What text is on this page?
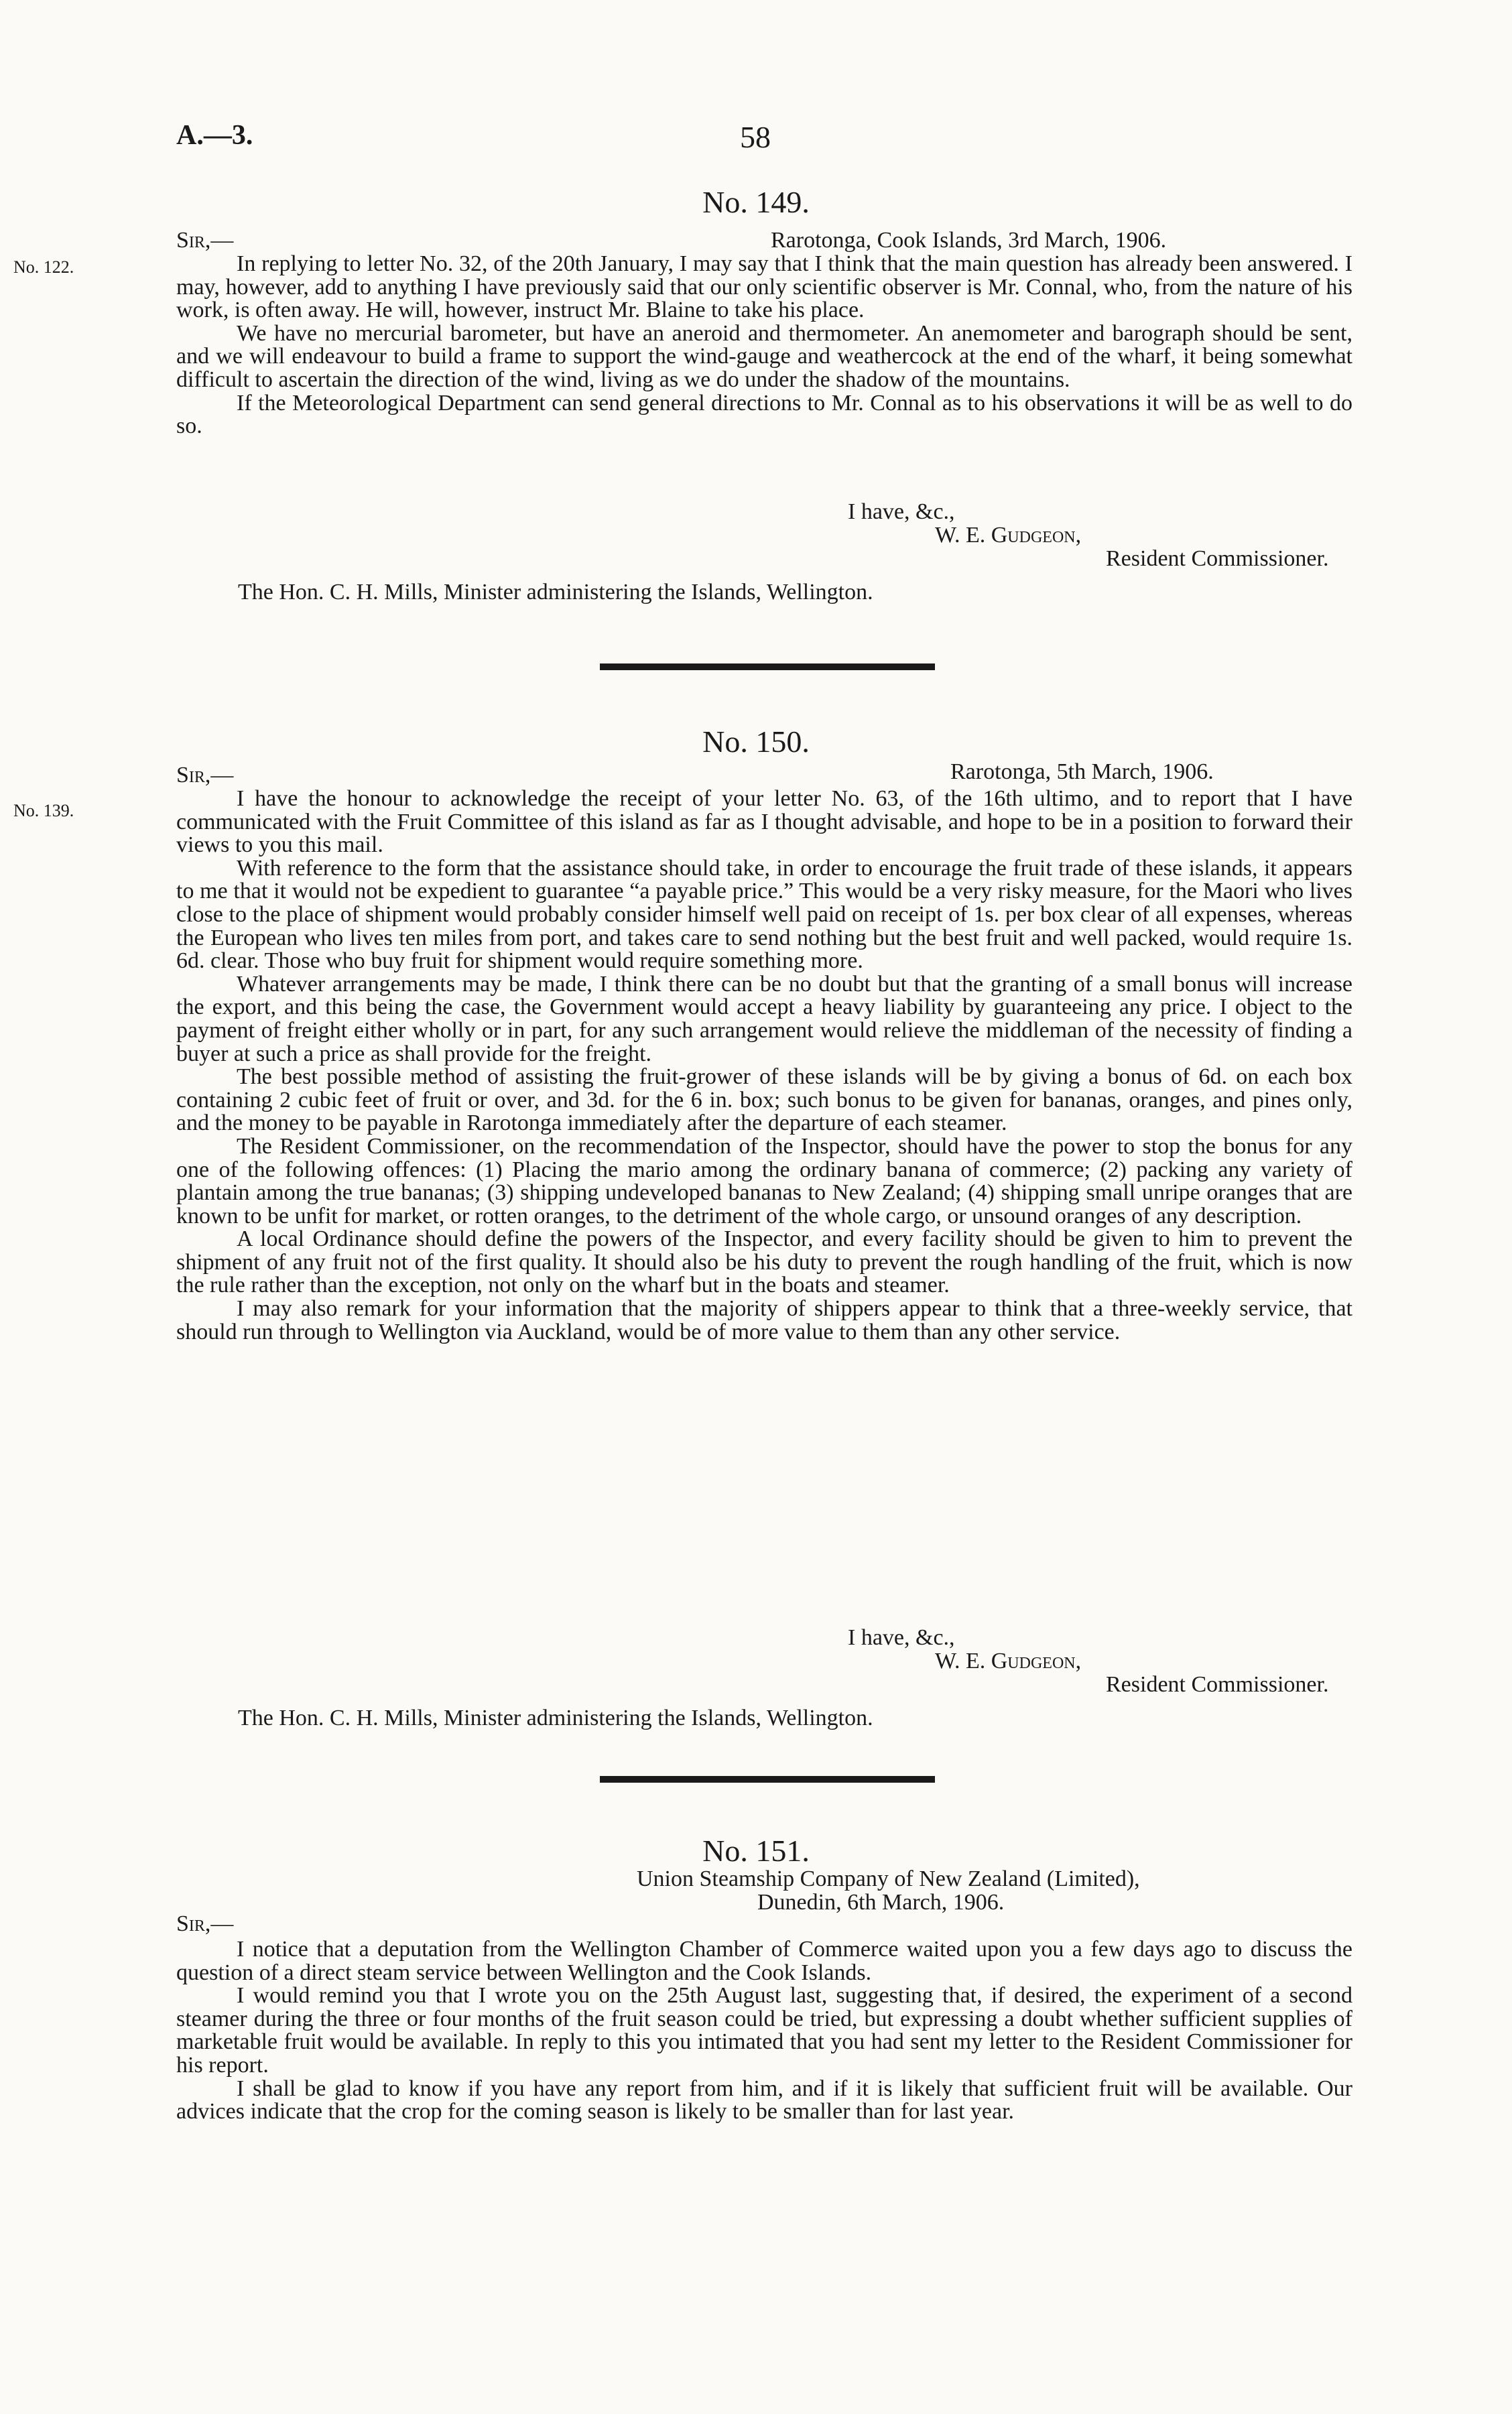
A.—3.	58
No. 149.
Sir,—	Rarotonga, Cook Islands, 3rd March, 1906.
No. 122.	In replying to letter No. 32, of the 20th January, I may say that I think that the main question has already been answered. I may, however, add to anything I have previously said that our only scientific observer is Mr. Connal, who, from the nature of his work, is often away. He will, however, instruct Mr. Blaine to take his place.

We have no mercurial barometer, but have an aneroid and thermometer. An anemometer and barograph should be sent, and we will endeavour to build a frame to support the wind-gauge and weathercock at the end of the wharf, it being somewhat difficult to ascertain the direction of the wind, living as we do under the shadow of the mountains.

If the Meteorological Department can send general directions to Mr. Connal as to his observations it will be as well to do so.

I have, &c.,
W. E. Gudgeon,
Resident Commissioner.
The Hon. C. H. Mills, Minister administering the Islands, Wellington.
No. 150.
Sir,—	Rarotonga, 5th March, 1906.
No. 139.	I have the honour to acknowledge the receipt of your letter No. 63, of the 16th ultimo, and to report that I have communicated with the Fruit Committee of this island as far as I thought advisable, and hope to be in a position to forward their views to you this mail.

With reference to the form that the assistance should take, in order to encourage the fruit trade of these islands, it appears to me that it would not be expedient to guarantee “a payable price.” This would be a very risky measure, for the Maori who lives close to the place of shipment would probably consider himself well paid on receipt of 1s. per box clear of all expenses, whereas the European who lives ten miles from port, and takes care to send nothing but the best fruit and well packed, would require 1s. 6d. clear. Those who buy fruit for shipment would require something more.

Whatever arrangements may be made, I think there can be no doubt but that the granting of a small bonus will increase the export, and this being the case, the Government would accept a heavy liability by guaranteeing any price. I object to the payment of freight either wholly or in part, for any such arrangement would relieve the middleman of the necessity of finding a buyer at such a price as shall provide for the freight.

The best possible method of assisting the fruit-grower of these islands will be by giving a bonus of 6d. on each box containing 2 cubic feet of fruit or over, and 3d. for the 6 in. box; such bonus to be given for bananas, oranges, and pines only, and the money to be payable in Rarotonga immediately after the departure of each steamer.

The Resident Commissioner, on the recommendation of the Inspector, should have the power to stop the bonus for any one of the following offences: (1) Placing the mario among the ordinary banana of commerce; (2) packing any variety of plantain among the true bananas; (3) shipping undeveloped bananas to New Zealand; (4) shipping small unripe oranges that are known to be unfit for market, or rotten oranges, to the detriment of the whole cargo, or unsound oranges of any description.

A local Ordinance should define the powers of the Inspector, and every facility should be given to him to prevent the shipment of any fruit not of the first quality. It should also be his duty to prevent the rough handling of the fruit, which is now the rule rather than the exception, not only on the wharf but in the boats and steamer.

I may also remark for your information that the majority of shippers appear to think that a three-weekly service, that should run through to Wellington via Auckland, would be of more value to them than any other service.

I have, &c.,
W. E. Gudgeon,
Resident Commissioner.
The Hon. C. H. Mills, Minister administering the Islands, Wellington.
No. 151.
Union Steamship Company of New Zealand (Limited),
Dunedin, 6th March, 1906.
Sir,—

I notice that a deputation from the Wellington Chamber of Commerce waited upon you a few days ago to discuss the question of a direct steam service between Wellington and the Cook Islands.

I would remind you that I wrote you on the 25th August last, suggesting that, if desired, the experiment of a second steamer during the three or four months of the fruit season could be tried, but expressing a doubt whether sufficient supplies of marketable fruit would be available. In reply to this you intimated that you had sent my letter to the Resident Commissioner for his report.

I shall be glad to know if you have any report from him, and if it is likely that sufficient fruit will be available. Our advices indicate that the crop for the coming season is likely to be smaller than for last year.
